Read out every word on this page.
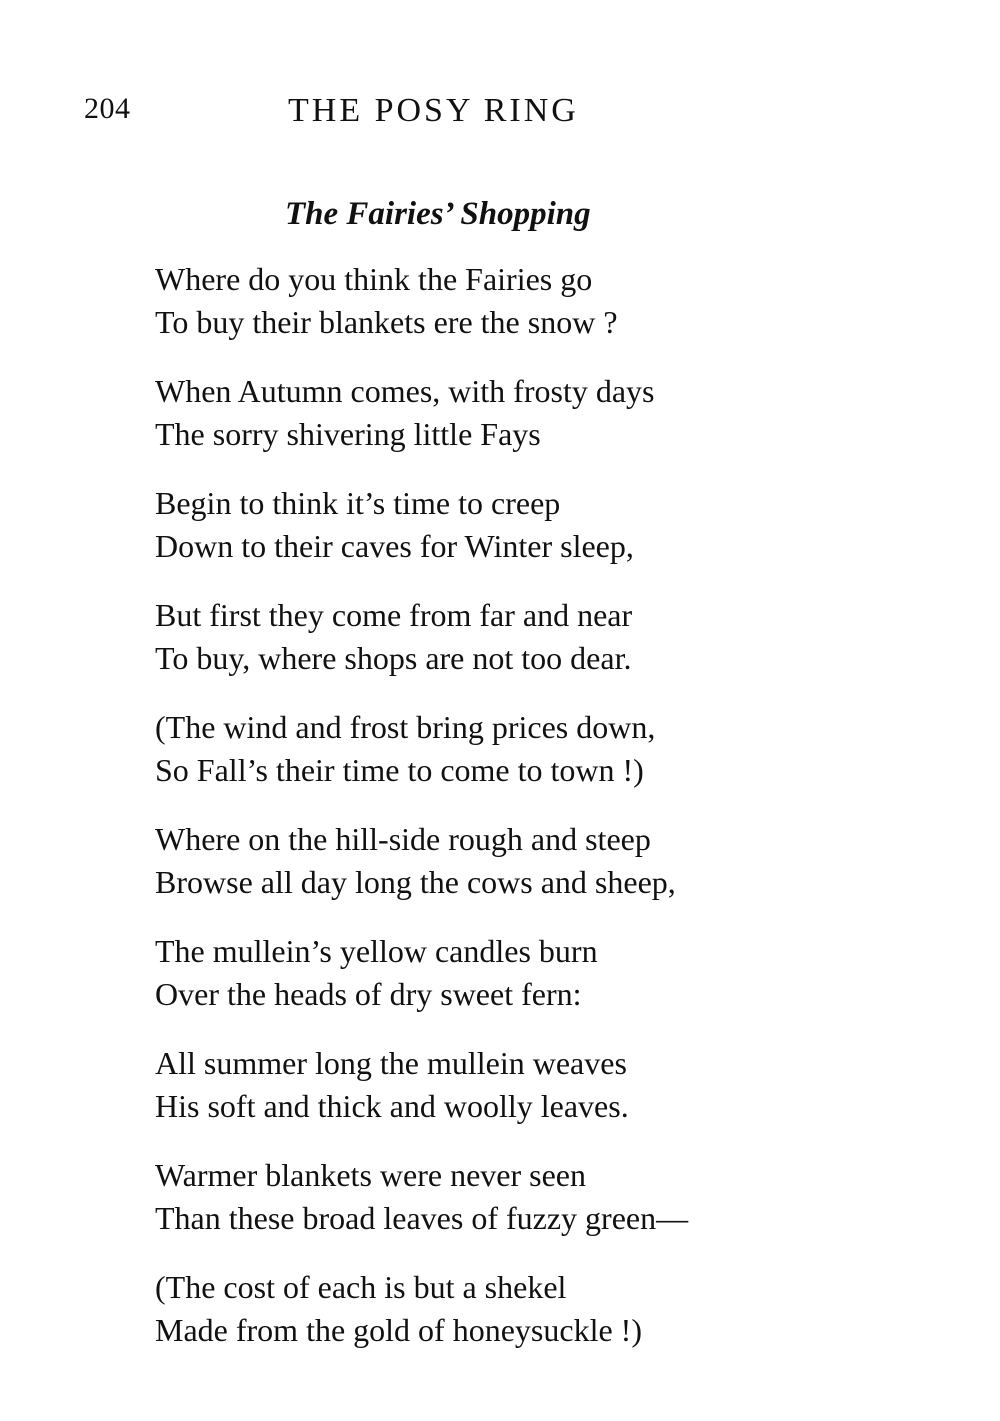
204	THE POSY RING
The Fairies’ Shopping
Where do you think the Fairies go
To buy their blankets ere the snow ?
When Autumn comes, with frosty days
The sorry shivering little Fays
Begin to think it’s time to creep
Down to their caves for Winter sleep,
But first they come from far and near
To buy, where shops are not too dear.
(The wind and frost bring prices down,
So Fall’s their time to come to town !)
Where on the hill-side rough and steep
Browse all day long the cows and sheep,
The mullein’s yellow candles burn
Over the heads of dry sweet fern:
All summer long the mullein weaves
His soft and thick and woolly leaves.
Warmer blankets were never seen
Than these broad leaves of fuzzy green—
(The cost of each is but a shekel
Made from the gold of honeysuckle !)
